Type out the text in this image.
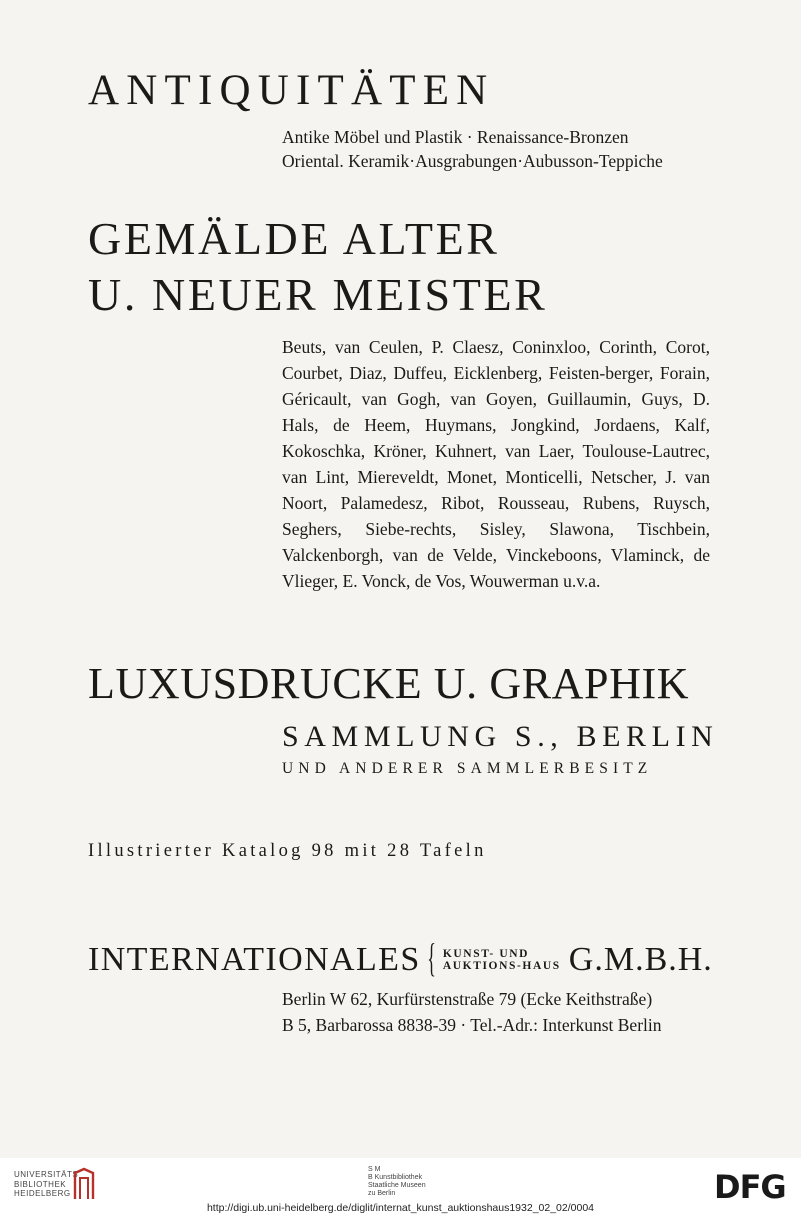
ANTIQUITÄTEN

Antike Möbel und Plastik · Renaissance-Bronzen

Oriental. Keramik·Ausgrabungen·Aubusson-Teppiche

GEMÄLDE ALTER
U. NEUER MEISTER

Beuts, van Ceulen, P. Claesz, Coninxloo, Corinth, Corot, Courbet, Diaz, Duffeu, Eicklenberg, Feisten-berger, Forain, Géricault, van Gogh, van Goyen, Guillaumin, Guys, D. Hals, de Heem, Huymans, Jongkind, Jordaens, Kalf, Kokoschka, Kröner, Kuhnert, van Laer, Toulouse-Lautrec, van Lint, Miereveldt, Monet, Monticelli, Netscher, J. van Noort, Palamedesz, Ribot, Rousseau, Rubens, Ruysch, Seghers, Siebe-rechts, Sisley, Slawona, Tischbein, Valckenborgh, van de Velde, Vinckeboons, Vlaminck, de Vlieger, E. Vonck, de Vos, Wouwerman u.v.a.

LUXUSDRUCKE U. GRAPHIK
SAMMLUNG S., BERLIN

UND ANDERER SAMMLERBESITZ

Illustrierter Katalog 98 mit 28 Tafeln

INTERNATIONALES { KUNST- UND
AUKTIONS-HAUS G.M.B.H.

Berlin W 62, Kurfürstenstraße 79 (Ecke Keithstraße)

B 5, Barbarossa 8838-39 · Tel.-Adr.: Interkunst Berlin

UNIVERSITÄTS
BIBLIOTHEK
HEIDELBERG
S M
B Kunstbibliothek
Staatliche Museen
zu Berlin	DFG
http://digi.ub.uni-heidelberg.de/diglit/internat_kunst_auktionshaus1932_02_02/0004
